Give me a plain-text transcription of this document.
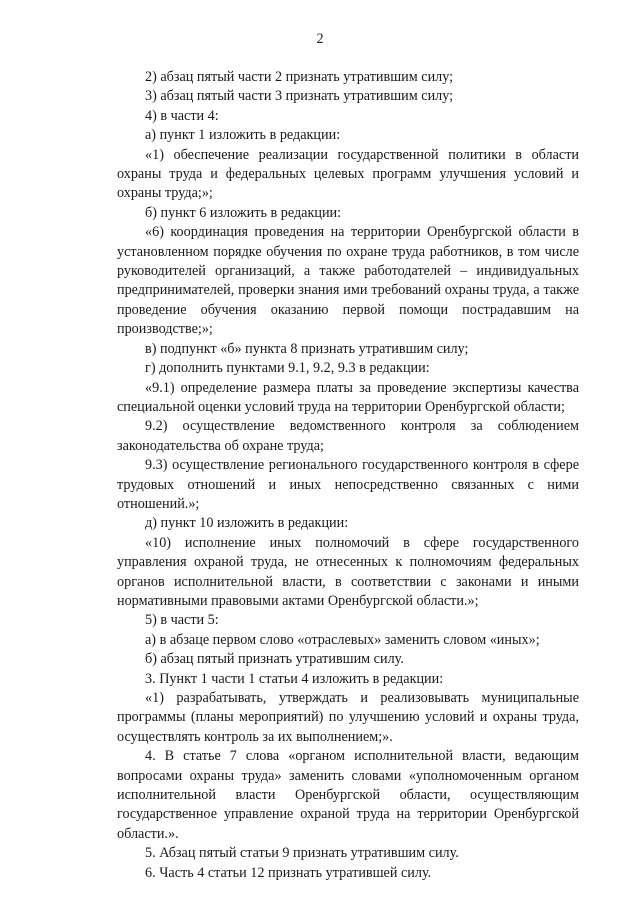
2

2) абзац пятый части 2 признать утратившим силу;

3) абзац пятый части 3 признать утратившим силу;

4) в части 4:

а) пункт 1 изложить в редакции:

«1) обеспечение реализации государственной политики в области охраны труда и федеральных целевых программ улучшения условий и охраны труда;»;

б) пункт 6 изложить в редакции:

«6) координация проведения на территории Оренбургской области в установленном порядке обучения по охране труда работников, в том числе руководителей организаций, а также работодателей – индивидуальных предпринимателей, проверки знания ими требований охраны труда, а также проведение обучения оказанию первой помощи пострадавшим на производстве;»;

в) подпункт «б» пункта 8 признать утратившим силу;

г) дополнить пунктами 9.1, 9.2, 9.3 в редакции:

«9.1) определение размера платы за проведение экспертизы качества специальной оценки условий труда на территории Оренбургской области;

9.2) осуществление ведомственного контроля за соблюдением законодательства об охране труда;

9.3) осуществление регионального государственного контроля в сфере трудовых отношений и иных непосредственно связанных с ними отношений.»;

д) пункт 10 изложить в редакции:

«10) исполнение иных полномочий в сфере государственного управления охраной труда, не отнесенных к полномочиям федеральных органов исполнительной власти, в соответствии с законами и иными нормативными правовыми актами Оренбургской области.»;

5) в части 5:

а) в абзаце первом слово «отраслевых» заменить словом «иных»;

б) абзац пятый признать утратившим силу.

3. Пункт 1 части 1 статьи 4 изложить в редакции:

«1) разрабатывать, утверждать и реализовывать муниципальные программы (планы мероприятий) по улучшению условий и охраны труда, осуществлять контроль за их выполнением;».

4. В статье 7 слова «органом исполнительной власти, ведающим вопросами охраны труда» заменить словами «уполномоченным органом исполнительной власти Оренбургской области, осуществляющим государственное управление охраной труда на территории Оренбургской области.».

5. Абзац пятый статьи 9 признать утратившим силу.

6. Часть 4 статьи 12 признать утратившей силу.
